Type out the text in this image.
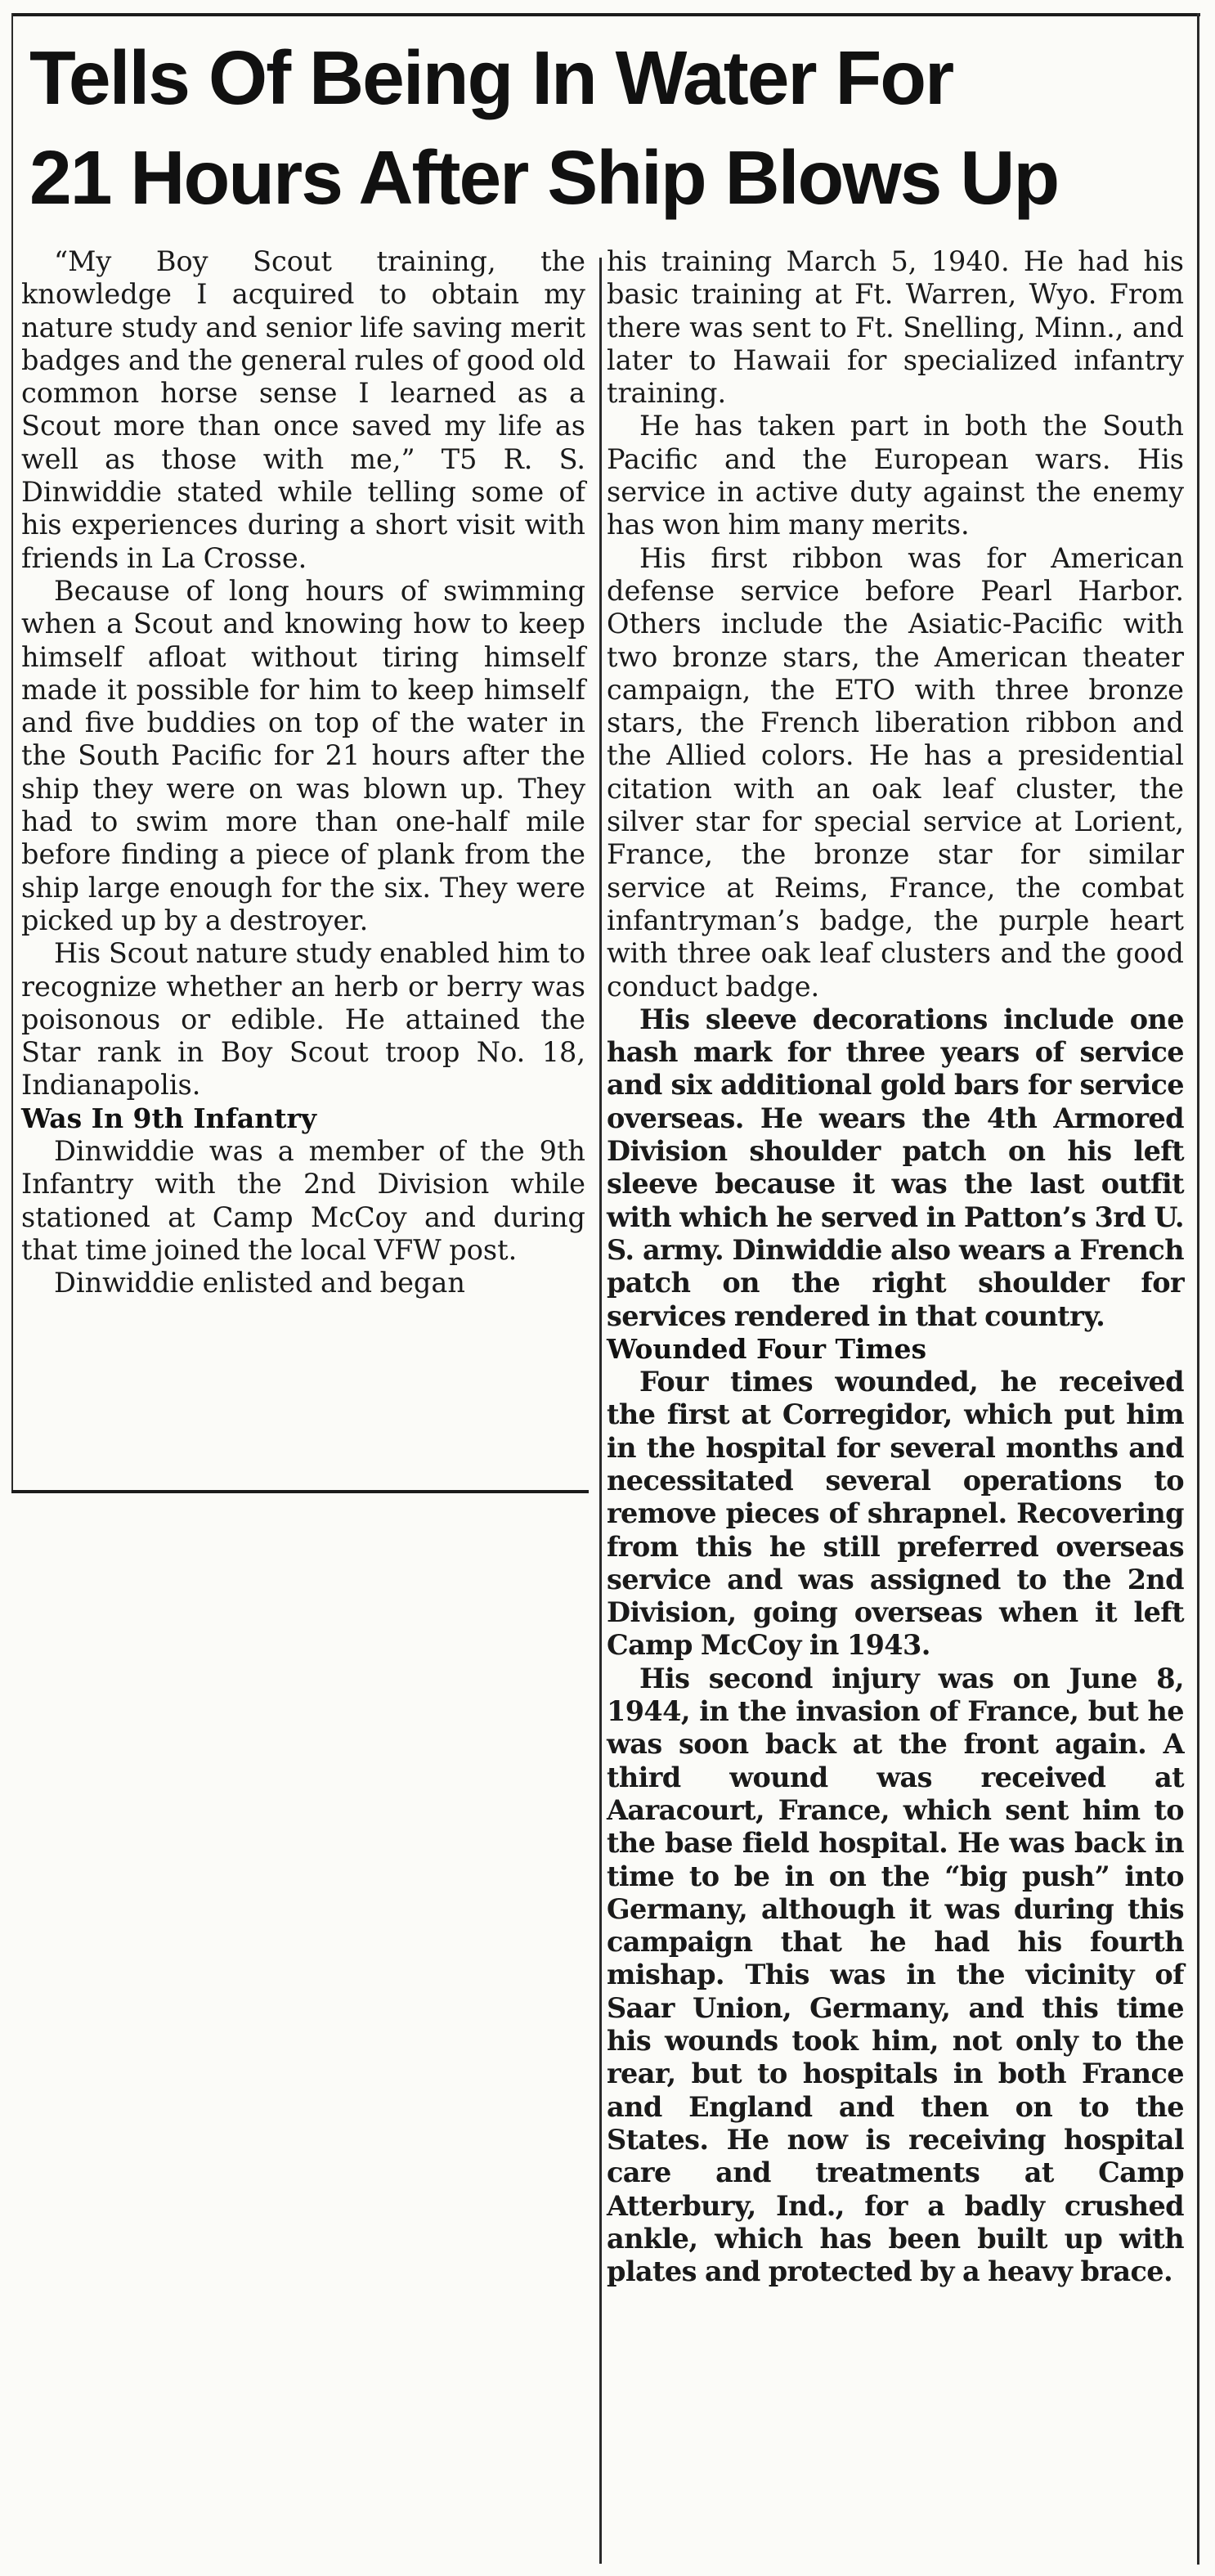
Tells Of Being In Water For
21 Hours After Ship Blows Up

“My Boy Scout training, the knowledge I acquired to obtain my nature study and senior life saving merit badges and the general rules of good old common horse sense I learned as a Scout more than once saved my life as well as those with me,” T5 R. S. Dinwiddie stated while telling some of his experiences during a short visit with friends in La Crosse.

Because of long hours of swimming when a Scout and knowing how to keep himself afloat without tiring himself made it possible for him to keep himself and five buddies on top of the water in the South Pacific for 21 hours after the ship they were on was blown up. They had to swim more than one-half mile before finding a piece of plank from the ship large enough for the six. They were picked up by a destroyer.

His Scout nature study enabled him to recognize whether an herb or berry was poisonous or edible. He attained the Star rank in Boy Scout troop No. 18, Indianapolis.

Was In 9th Infantry

Dinwiddie was a member of the 9th Infantry with the 2nd Division while stationed at Camp McCoy and during that time joined the local VFW post.

Dinwiddie enlisted and began

his training March 5, 1940. He had his basic training at Ft. Warren, Wyo. From there was sent to Ft. Snelling, Minn., and later to Hawaii for specialized infantry training.

He has taken part in both the South Pacific and the European wars. His service in active duty against the enemy has won him many merits.

His first ribbon was for American defense service before Pearl Harbor. Others include the Asiatic-Pacific with two bronze stars, the American theater campaign, the ETO with three bronze stars, the French liberation ribbon and the Allied colors. He has a presidential citation with an oak leaf cluster, the silver star for special service at Lorient, France, the bronze star for similar service at Reims, France, the combat infantryman’s badge, the purple heart with three oak leaf clusters and the good conduct badge.

His sleeve decorations include one hash mark for three years of service and six additional gold bars for service overseas. He wears the 4th Armored Division shoulder patch on his left sleeve because it was the last outfit with which he served in Patton’s 3rd U. S. army. Dinwiddie also wears a French patch on the right shoulder for services rendered in that country.

Wounded Four Times

Four times wounded, he received the first at Corregidor, which put him in the hospital for several months and necessitated several operations to remove pieces of shrapnel. Recovering from this he still preferred overseas service and was assigned to the 2nd Division, going overseas when it left Camp McCoy in 1943.

His second injury was on June 8, 1944, in the invasion of France, but he was soon back at the front again. A third wound was received at Aaracourt, France, which sent him to the base field hospital. He was back in time to be in on the “big push” into Germany, although it was during this campaign that he had his fourth mishap. This was in the vicinity of Saar Union, Germany, and this time his wounds took him, not only to the rear, but to hospitals in both France and England and then on to the States. He now is receiving hospital care and treatments at Camp Atterbury, Ind., for a badly crushed ankle, which has been built up with plates and protected by a heavy brace.
